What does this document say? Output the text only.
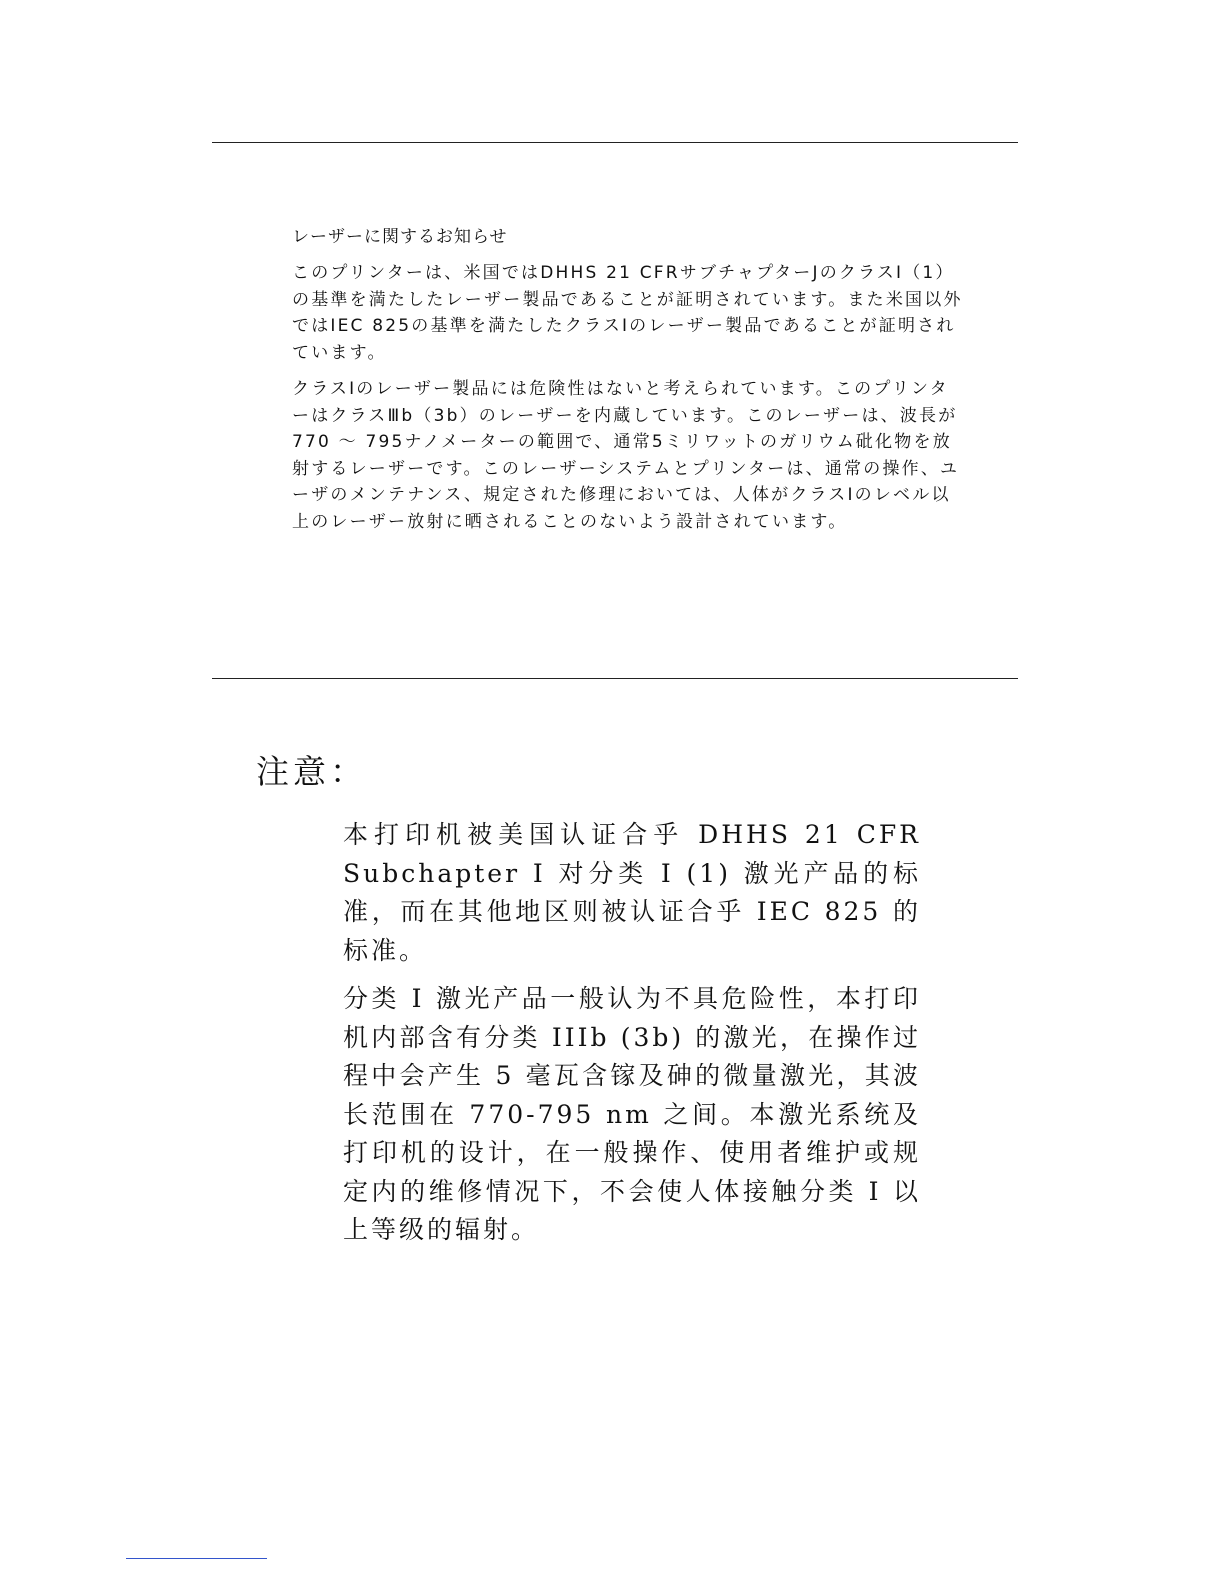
レーザーに関するお知らせ

このプリンターは、米国ではDHHS 21 CFRサブチャプターJのクラスI（1）の基準を満たしたレーザー製品であることが証明されています。また米国以外ではIEC 825の基準を満たしたクラスIのレーザー製品であることが証明されています。

クラスIのレーザー製品には危険性はないと考えられています。このプリンターはクラスⅢb（3b）のレーザーを内蔵しています。このレーザーは、波長が770 〜 795ナノメーターの範囲で、通常5ミリワットのガリウム砒化物を放射するレーザーです。このレーザーシステムとプリンターは、通常の操作、ユーザのメンテナンス、規定された修理においては、人体がクラスIのレベル以上のレーザー放射に晒されることのないよう設計されています。

注意：

本打印机被美国认证合乎 DHHS 21 CFR Subchapter I 对分类 I (1) 激光产品的标准，而在其他地区则被认证合乎 IEC 825 的标准。

分类 I 激光产品一般认为不具危险性，本打印机内部含有分类 IIIb (3b) 的激光，在操作过程中会产生 5 毫瓦含镓及砷的微量激光，其波长范围在 770-795 nm 之间。本激光系统及打印机的设计，在一般操作、使用者维护或规定内的维修情况下，不会使人体接触分类 I 以上等级的辐射。
